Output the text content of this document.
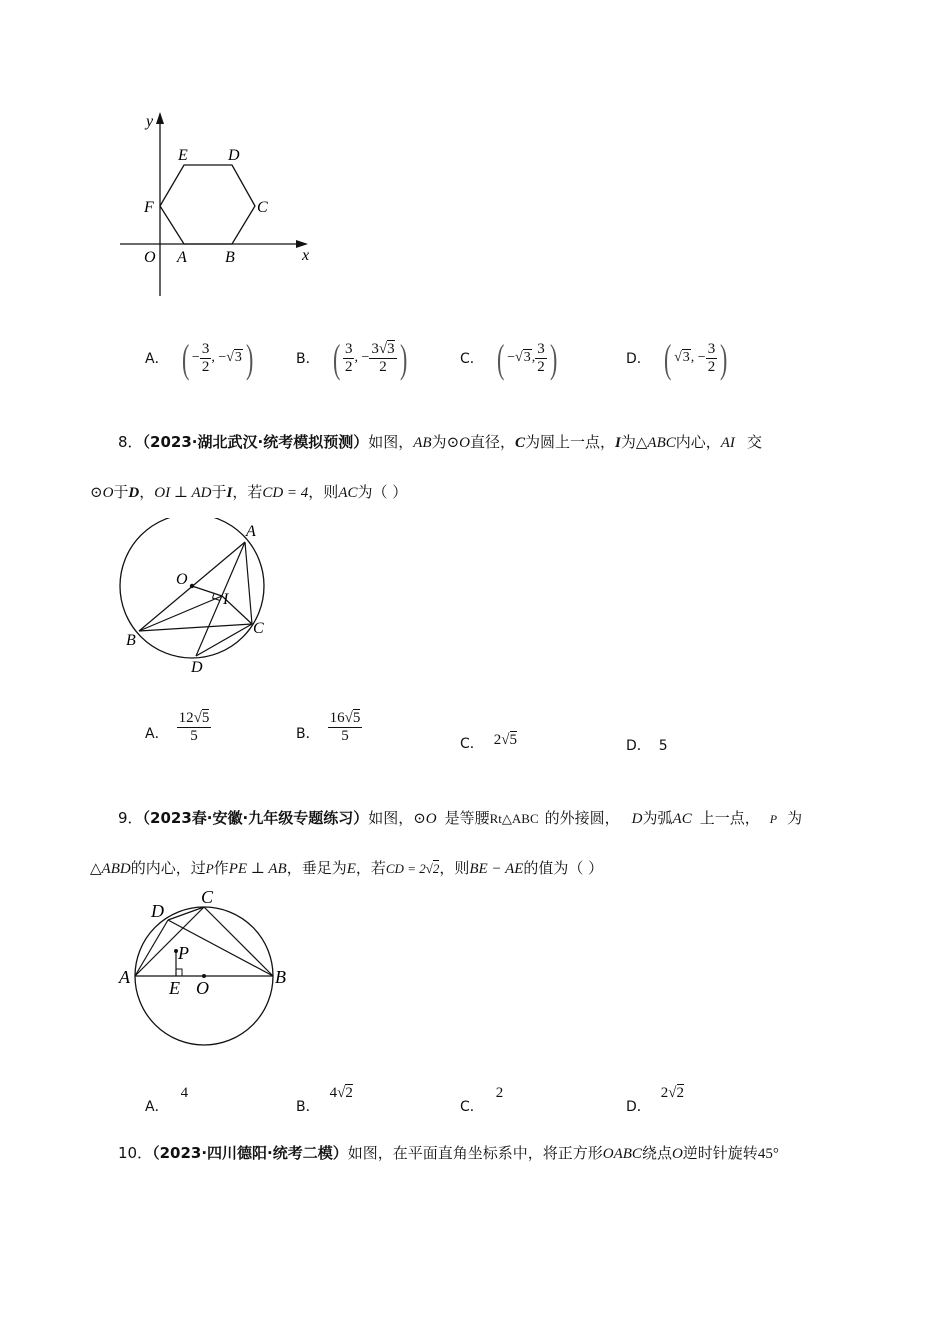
y
x
O A B
C
D
E
F
A． ( − $\frac{3}{2}$ , − √3 )	B． ( $\frac{3}{2}$ , − $\frac{3√3}{2}$ )	C． ( − √3 , $\frac{3}{2}$ )	D． ( √3 , − $\frac{3}{2}$ )
8．（2023·湖北武汉·统考模拟预测）如图，AB为⊙O直径，C为圆上一点，I为△ABC内心，AI 交
⊙O于D，OI ⊥ AD于I，若CD = 4，则AC为（ ）
A
O
I
B
C
D
A． $\frac{12√5}{5}$	B． $\frac{16√5}{5}$	C． 2√5	D． 5
9．（2023春·安徽·九年级专题练习）如图，⊙O 是等腰Rt△ABC 的外接圆， D为弧AC 上一点， P 为
△ABD的内心，过P作PE ⊥ AB，垂足为E，若CD = 2√2，则BE − AE的值为（ ）
A	B
C
D
P
E O
A．4
B．4√2
C．2
D．2√2
10．（2023·四川德阳·统考二模）如图，在平面直角坐标系中，将正方形OABC绕点O逆时针旋转45°
